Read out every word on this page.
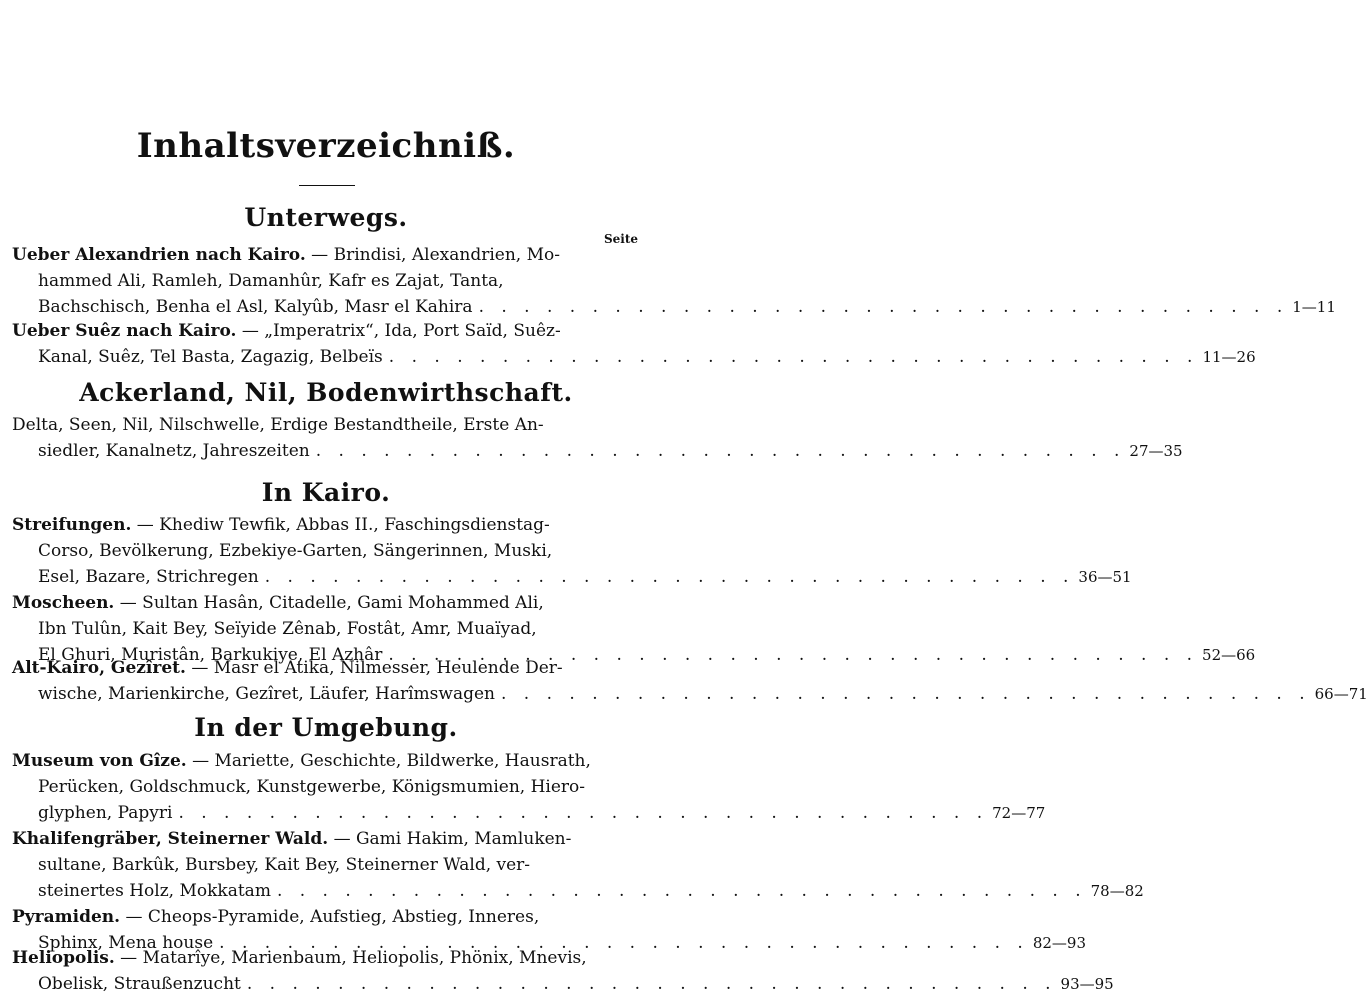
Inhaltsverzeichniß.
Seite
Unterwegs.
Ueber Alexandrien nach Kairo. — Brindisi, Alexandrien, Mo-
hammed Ali, Ramleh, Damanhûr, Kafr es Zajat, Tanta,
Bachschisch, Benha el Asl, Kalyûb, Masr el Kahira . . . . . . . . . . . . . . . . . . . . . . . . . . . . . . . . . . . . 1—11
Ueber Suêz nach Kairo. — „Imperatrix“, Ida, Port Saïd, Suêz-
Kanal, Suêz, Tel Basta, Zagazig, Belbeïs . . . . . . . . . . . . . . . . . . . . . . . . . . . . . . . . . . . . 11—26
Ackerland, Nil, Bodenwirthschaft.
Delta, Seen, Nil, Nilschwelle, Erdige Bestandtheile, Erste An-
siedler, Kanalnetz, Jahreszeiten . . . . . . . . . . . . . . . . . . . . . . . . . . . . . . . . . . . . 27—35
In Kairo.
Streifungen. — Khediw Tewfik, Abbas II., Faschingsdienstag-
Corso, Bevölkerung, Ezbekiye-Garten, Sängerinnen, Muski,
Esel, Bazare, Strichregen . . . . . . . . . . . . . . . . . . . . . . . . . . . . . . . . . . . . 36—51
Moscheen. — Sultan Hasân, Citadelle, Gami Mohammed Ali,
Ibn Tulûn, Kait Bey, Seïyide Zênab, Fostât, Amr, Muaïyad,
El Ghuri, Muristân, Barkukiye, El Azhâr . . . . . . . . . . . . . . . . . . . . . . . . . . . . . . . . . . . . 52—66
Alt-Kairo, Gezîret. — Masr el Atika, Nilmesser, Heulende Der-
wische, Marienkirche, Gezîret, Läufer, Harîmswagen . . . . . . . . . . . . . . . . . . . . . . . . . . . . . . . . . . . . 66—71
In der Umgebung.
Museum von Gîze. — Mariette, Geschichte, Bildwerke, Hausrath,
Perücken, Goldschmuck, Kunstgewerbe, Königsmumien, Hiero-
glyphen, Papyri . . . . . . . . . . . . . . . . . . . . . . . . . . . . . . . . . . . . 72—77
Khalifengräber, Steinerner Wald. — Gami Hakim, Mamluken-
sultane, Barkûk, Bursbey, Kait Bey, Steinerner Wald, ver-
steinertes Holz, Mokkatam . . . . . . . . . . . . . . . . . . . . . . . . . . . . . . . . . . . . 78—82
Pyramiden. — Cheops-Pyramide, Aufstieg, Abstieg, Inneres,
Sphinx, Mena house . . . . . . . . . . . . . . . . . . . . . . . . . . . . . . . . . . . . 82—93
Heliopolis. — Matarîye, Marienbaum, Heliopolis, Phönix, Mnevis,
Obelisk, Straußenzucht . . . . . . . . . . . . . . . . . . . . . . . . . . . . . . . . . . . . 93—95
